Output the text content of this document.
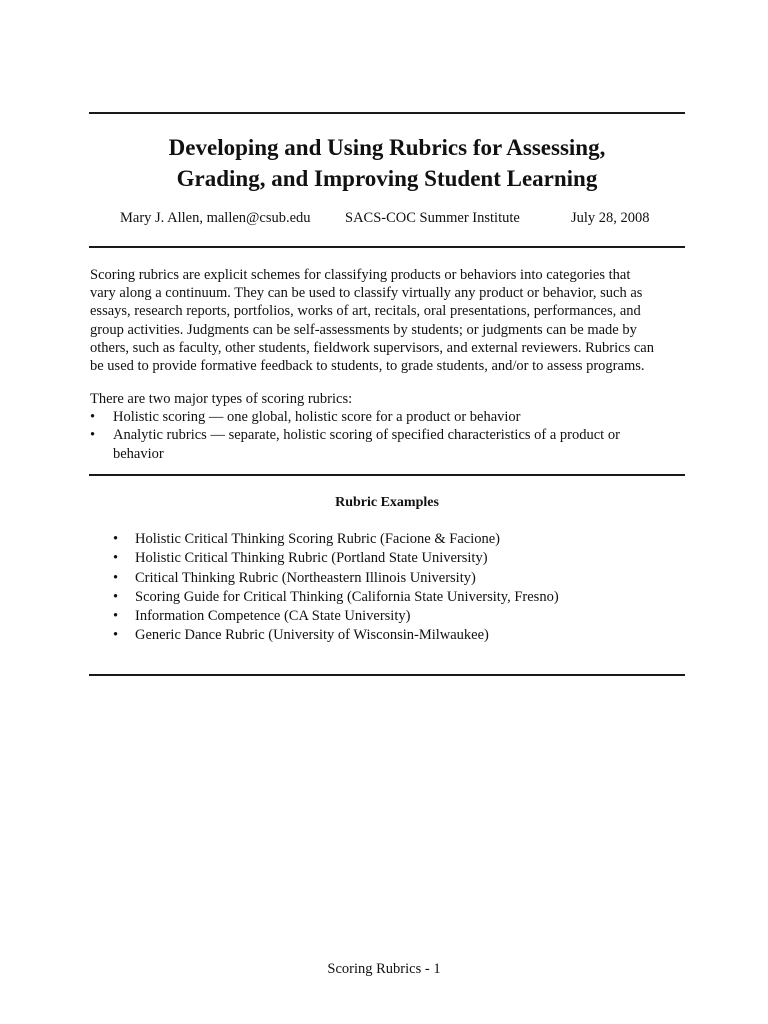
Developing and Using Rubrics for Assessing,
Grading, and Improving Student Learning
Mary J. Allen, mallen@csub.edu SACS-COC Summer Institute	July 28, 2008
Scoring rubrics are explicit schemes for classifying products or behaviors into categories that
vary along a continuum. They can be used to classify virtually any product or behavior, such as
essays, research reports, portfolios, works of art, recitals, oral presentations, performances, and
group activities. Judgments can be self-assessments by students; or judgments can be made by
others, such as faculty, other students, fieldwork supervisors, and external reviewers. Rubrics can
be used to provide formative feedback to students, to grade students, and/or to assess programs.
There are two major types of scoring rubrics:
• Holistic scoring — one global, holistic score for a product or behavior
• Analytic rubrics — separate, holistic scoring of specified characteristics of a product or behavior
Rubric Examples
• Holistic Critical Thinking Scoring Rubric (Facione & Facione)
• Holistic Critical Thinking Rubric (Portland State University)
• Critical Thinking Rubric (Northeastern Illinois University)
• Scoring Guide for Critical Thinking (California State University, Fresno)
• Information Competence (CA State University)
• Generic Dance Rubric (University of Wisconsin-Milwaukee)
Scoring Rubrics - 1
